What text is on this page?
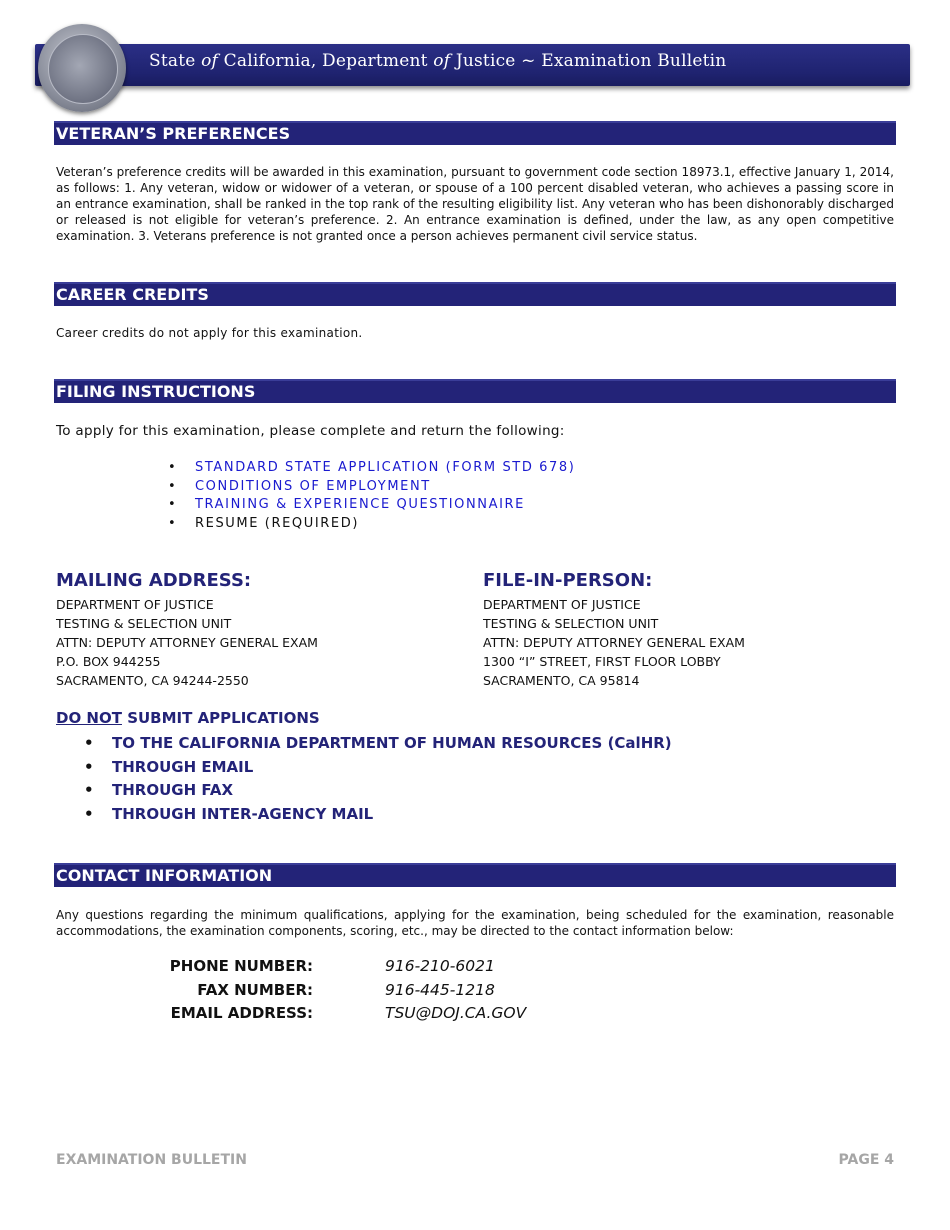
State of California, Department of Justice ~ Examination Bulletin
VETERAN’S PREFERENCES
Veteran’s preference credits will be awarded in this examination, pursuant to government code section 18973.1, effective January 1, 2014, as follows: 1. Any veteran, widow or widower of a veteran, or spouse of a 100 percent disabled veteran, who achieves a passing score in an entrance examination, shall be ranked in the top rank of the resulting eligibility list. Any veteran who has been dishonorably discharged or released is not eligible for veteran’s preference. 2. An entrance examination is defined, under the law, as any open competitive examination. 3. Veterans preference is not granted once a person achieves permanent civil service status.
CAREER CREDITS
Career credits do not apply for this examination.
FILING INSTRUCTIONS
To apply for this examination, please complete and return the following:
• STANDARD STATE APPLICATION (FORM STD 678)
• CONDITIONS OF EMPLOYMENT
• TRAINING & EXPERIENCE QUESTIONNAIRE
• RESUME (REQUIRED)
MAILING ADDRESS:
DEPARTMENT OF JUSTICE
TESTING & SELECTION UNIT
ATTN: DEPUTY ATTORNEY GENERAL EXAM
P.O. BOX 944255
SACRAMENTO, CA 94244-2550
FILE-IN-PERSON:
DEPARTMENT OF JUSTICE
TESTING & SELECTION UNIT
ATTN: DEPUTY ATTORNEY GENERAL EXAM
1300 “I” STREET, FIRST FLOOR LOBBY
SACRAMENTO, CA 95814
DO NOT SUBMIT APPLICATIONS
• TO THE CALIFORNIA DEPARTMENT OF HUMAN RESOURCES (CalHR)
• THROUGH EMAIL
• THROUGH FAX
• THROUGH INTER-AGENCY MAIL
CONTACT INFORMATION
Any questions regarding the minimum qualifications, applying for the examination, being scheduled for the examination, reasonable accommodations, the examination components, scoring, etc., may be directed to the contact information below:
PHONE NUMBER:	916-210-6021
FAX NUMBER:	916-445-1218
EMAIL ADDRESS:	TSU@DOJ.CA.GOV
EXAMINATION BULLETIN	PAGE 4
